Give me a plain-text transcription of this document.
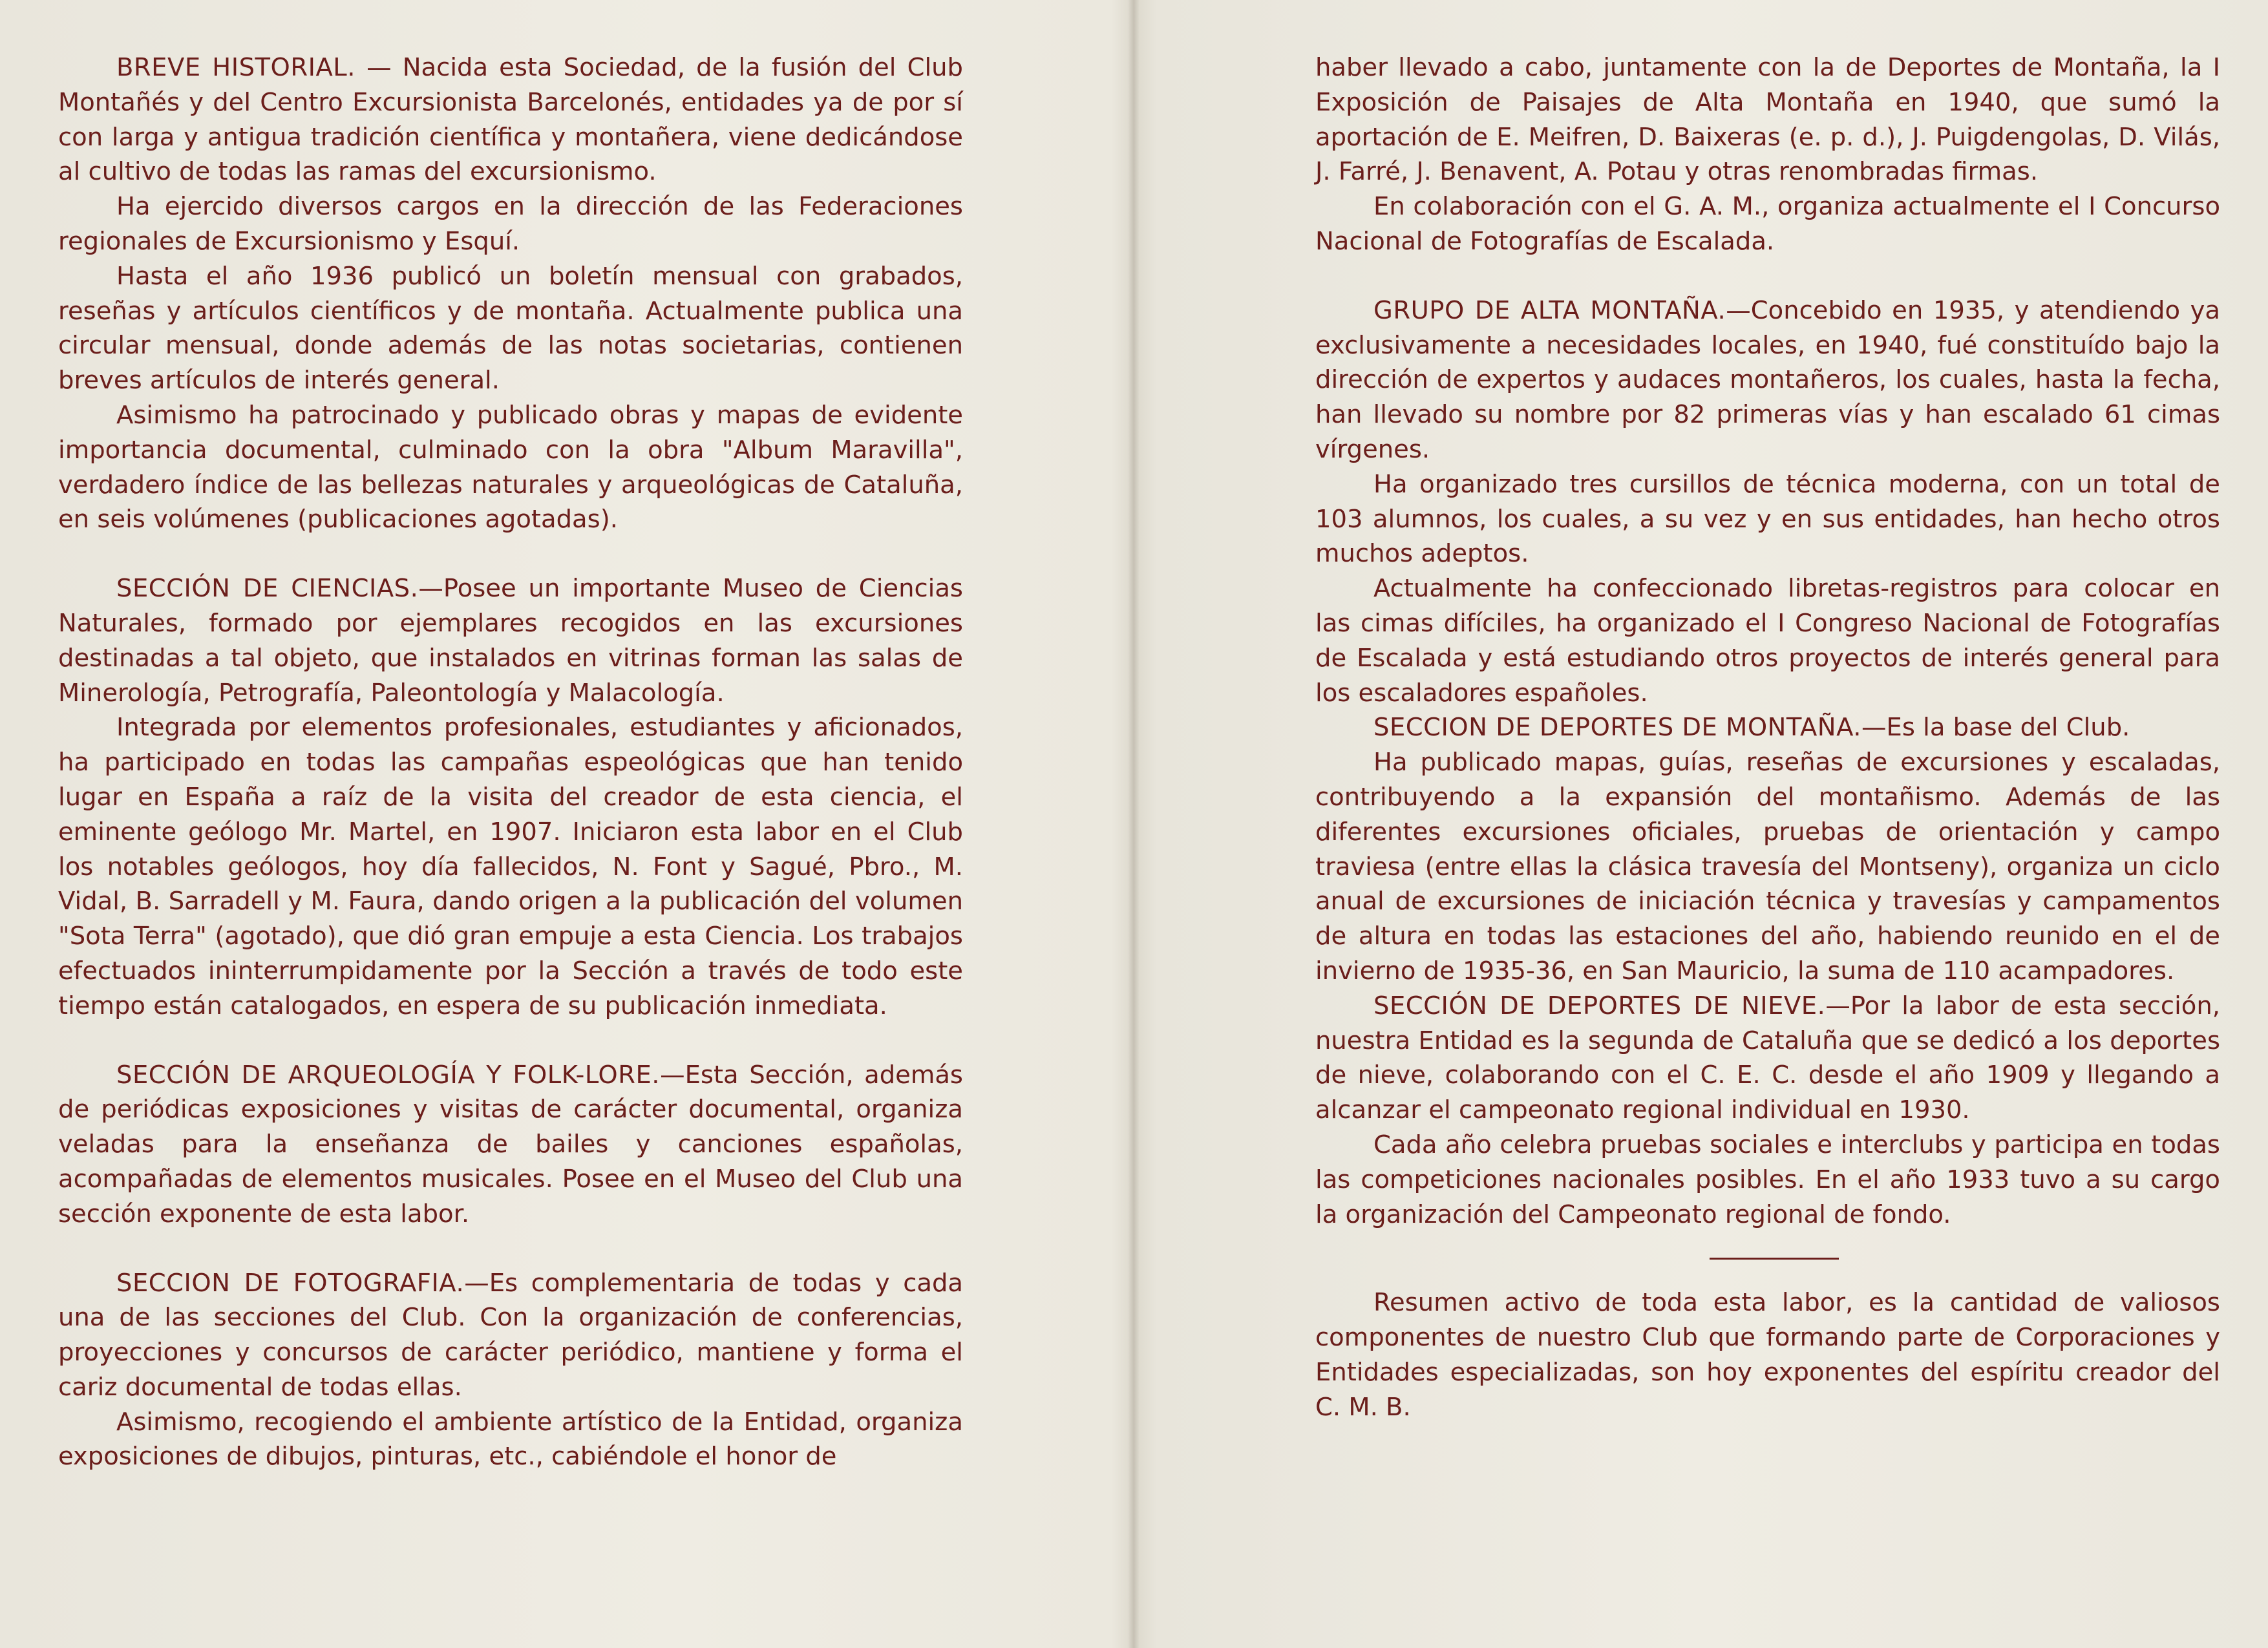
BREVE HISTORIAL. — Nacida esta Sociedad, de la fusión del Club Montañés y del Centro Excursionista Barcelonés, entidades ya de por sí con larga y antigua tradición científica y montañera, viene dedicándose al cultivo de todas las ramas del excursionismo.

Ha ejercido diversos cargos en la dirección de las Federaciones regionales de Excursionismo y Esquí.

Hasta el año 1936 publicó un boletín mensual con grabados, reseñas y artículos científicos y de montaña. Actualmente publica una circular mensual, donde además de las notas societarias, contienen breves artículos de interés general.

Asimismo ha patrocinado y publicado obras y mapas de evidente importancia documental, culminado con la obra "Album Maravilla", verdadero índice de las bellezas naturales y arqueológicas de Cataluña, en seis volúmenes (publicaciones agotadas).

SECCIÓN DE CIENCIAS.—Posee un importante Museo de Ciencias Naturales, formado por ejemplares recogidos en las excursiones destinadas a tal objeto, que instalados en vitrinas forman las salas de Minerología, Petrografía, Paleontología y Malacología.

Integrada por elementos profesionales, estudiantes y aficionados, ha participado en todas las campañas espeológicas que han tenido lugar en España a raíz de la visita del creador de esta ciencia, el eminente geólogo Mr. Martel, en 1907. Iniciaron esta labor en el Club los notables geólogos, hoy día fallecidos, N. Font y Sagué, Pbro., M. Vidal, B. Sarradell y M. Faura, dando origen a la publicación del volumen "Sota Terra" (agotado), que dió gran empuje a esta Ciencia. Los trabajos efectuados ininterrumpidamente por la Sección a través de todo este tiempo están catalogados, en espera de su publicación inmediata.

SECCIÓN DE ARQUEOLOGÍA Y FOLK-LORE.—Esta Sección, además de periódicas exposiciones y visitas de carácter documental, organiza veladas para la enseñanza de bailes y canciones españolas, acompañadas de elementos musicales. Posee en el Museo del Club una sección exponente de esta labor.

SECCION DE FOTOGRAFIA.—Es complementaria de todas y cada una de las secciones del Club. Con la organización de conferencias, proyecciones y concursos de carácter periódico, mantiene y forma el cariz documental de todas ellas.

Asimismo, recogiendo el ambiente artístico de la Entidad, organiza exposiciones de dibujos, pinturas, etc., cabiéndole el honor de

haber llevado a cabo, juntamente con la de Deportes de Montaña, la I Exposición de Paisajes de Alta Montaña en 1940, que sumó la aportación de E. Meifren, D. Baixeras (e. p. d.), J. Puigdengolas, D. Vilás, J. Farré, J. Benavent, A. Potau y otras renombradas firmas.

En colaboración con el G. A. M., organiza actualmente el I Concurso Nacional de Fotografías de Escalada.

GRUPO DE ALTA MONTAÑA.—Concebido en 1935, y atendiendo ya exclusivamente a necesidades locales, en 1940, fué constituído bajo la dirección de expertos y audaces montañeros, los cuales, hasta la fecha, han llevado su nombre por 82 primeras vías y han escalado 61 cimas vírgenes.

Ha organizado tres cursillos de técnica moderna, con un total de 103 alumnos, los cuales, a su vez y en sus entidades, han hecho otros muchos adeptos.

Actualmente ha confeccionado libretas-registros para colocar en las cimas difíciles, ha organizado el I Congreso Nacional de Fotografías de Escalada y está estudiando otros proyectos de interés general para los escaladores españoles.

SECCION DE DEPORTES DE MONTAÑA.—Es la base del Club.

Ha publicado mapas, guías, reseñas de excursiones y escaladas, contribuyendo a la expansión del montañismo. Además de las diferentes excursiones oficiales, pruebas de orientación y campo traviesa (entre ellas la clásica travesía del Montseny), organiza un ciclo anual de excursiones de iniciación técnica y travesías y campamentos de altura en todas las estaciones del año, habiendo reunido en el de invierno de 1935-36, en San Mauricio, la suma de 110 acampadores.

SECCIÓN DE DEPORTES DE NIEVE.—Por la labor de esta sección, nuestra Entidad es la segunda de Cataluña que se dedicó a los deportes de nieve, colaborando con el C. E. C. desde el año 1909 y llegando a alcanzar el campeonato regional individual en 1930.

Cada año celebra pruebas sociales e interclubs y participa en todas las competiciones nacionales posibles. En el año 1933 tuvo a su cargo la organización del Campeonato regional de fondo.

Resumen activo de toda esta labor, es la cantidad de valiosos componentes de nuestro Club que formando parte de Corporaciones y Entidades especializadas, son hoy exponentes del espíritu creador del C. M. B.
